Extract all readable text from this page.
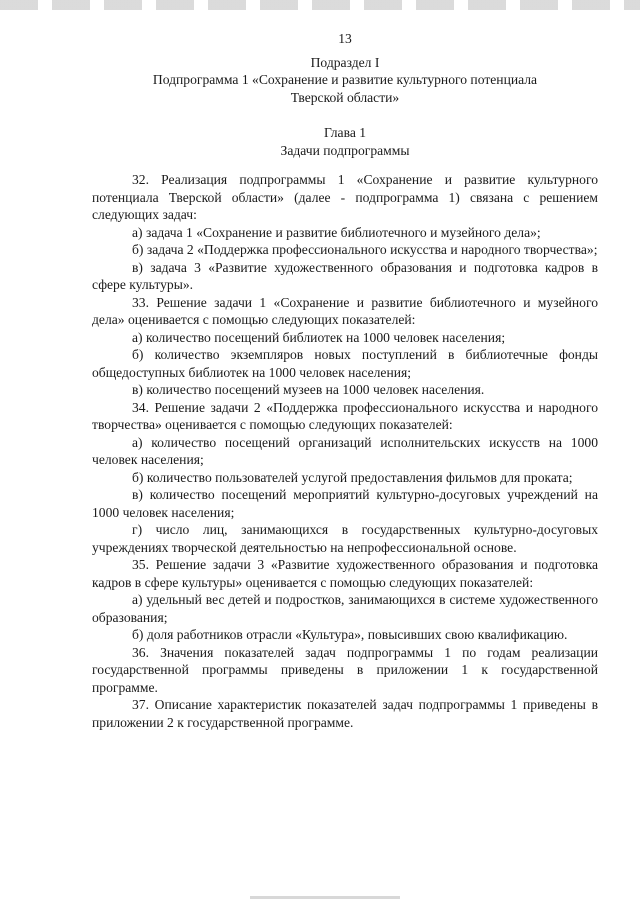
13

Подраздел I

Подпрограмма 1 «Сохранение и развитие культурного потенциала

Тверской области»

Глава 1

Задачи подпрограммы

32. Реализация подпрограммы 1 «Сохранение и развитие культурного потенциала Тверской области» (далее - подпрограмма 1) связана с решением следующих задач:

а) задача 1 «Сохранение и развитие библиотечного и музейного дела»;

б) задача 2 «Поддержка профессионального искусства и народного творчества»;

в) задача 3 «Развитие художественного образования и подготовка кадров в сфере культуры».

33. Решение задачи 1 «Сохранение и развитие библиотечного и музейного дела» оценивается с помощью следующих показателей:

а) количество посещений библиотек на 1000 человек населения;

б) количество экземпляров новых поступлений в библиотечные фонды общедоступных библиотек на 1000 человек населения;

в) количество посещений музеев на 1000 человек населения.

34. Решение задачи 2 «Поддержка профессионального искусства и народного творчества» оценивается с помощью следующих показателей:

а) количество посещений организаций исполнительских искусств на 1000 человек населения;

б) количество пользователей услугой предоставления фильмов для проката;

в) количество посещений мероприятий культурно-досуговых учреждений на 1000 человек населения;

г) число лиц, занимающихся в государственных культурно-досуговых учреждениях творческой деятельностью на непрофессиональной основе.

35. Решение задачи 3 «Развитие художественного образования и подготовка кадров в сфере культуры» оценивается с помощью следующих показателей:

а) удельный вес детей и подростков, занимающихся в системе художественного образования;

б) доля работников отрасли «Культура», повысивших свою квалификацию.

36. Значения показателей задач подпрограммы 1 по годам реализации государственной программы приведены в приложении 1 к государственной программе.

37. Описание характеристик показателей задач подпрограммы 1 приведены в приложении 2 к государственной программе.
